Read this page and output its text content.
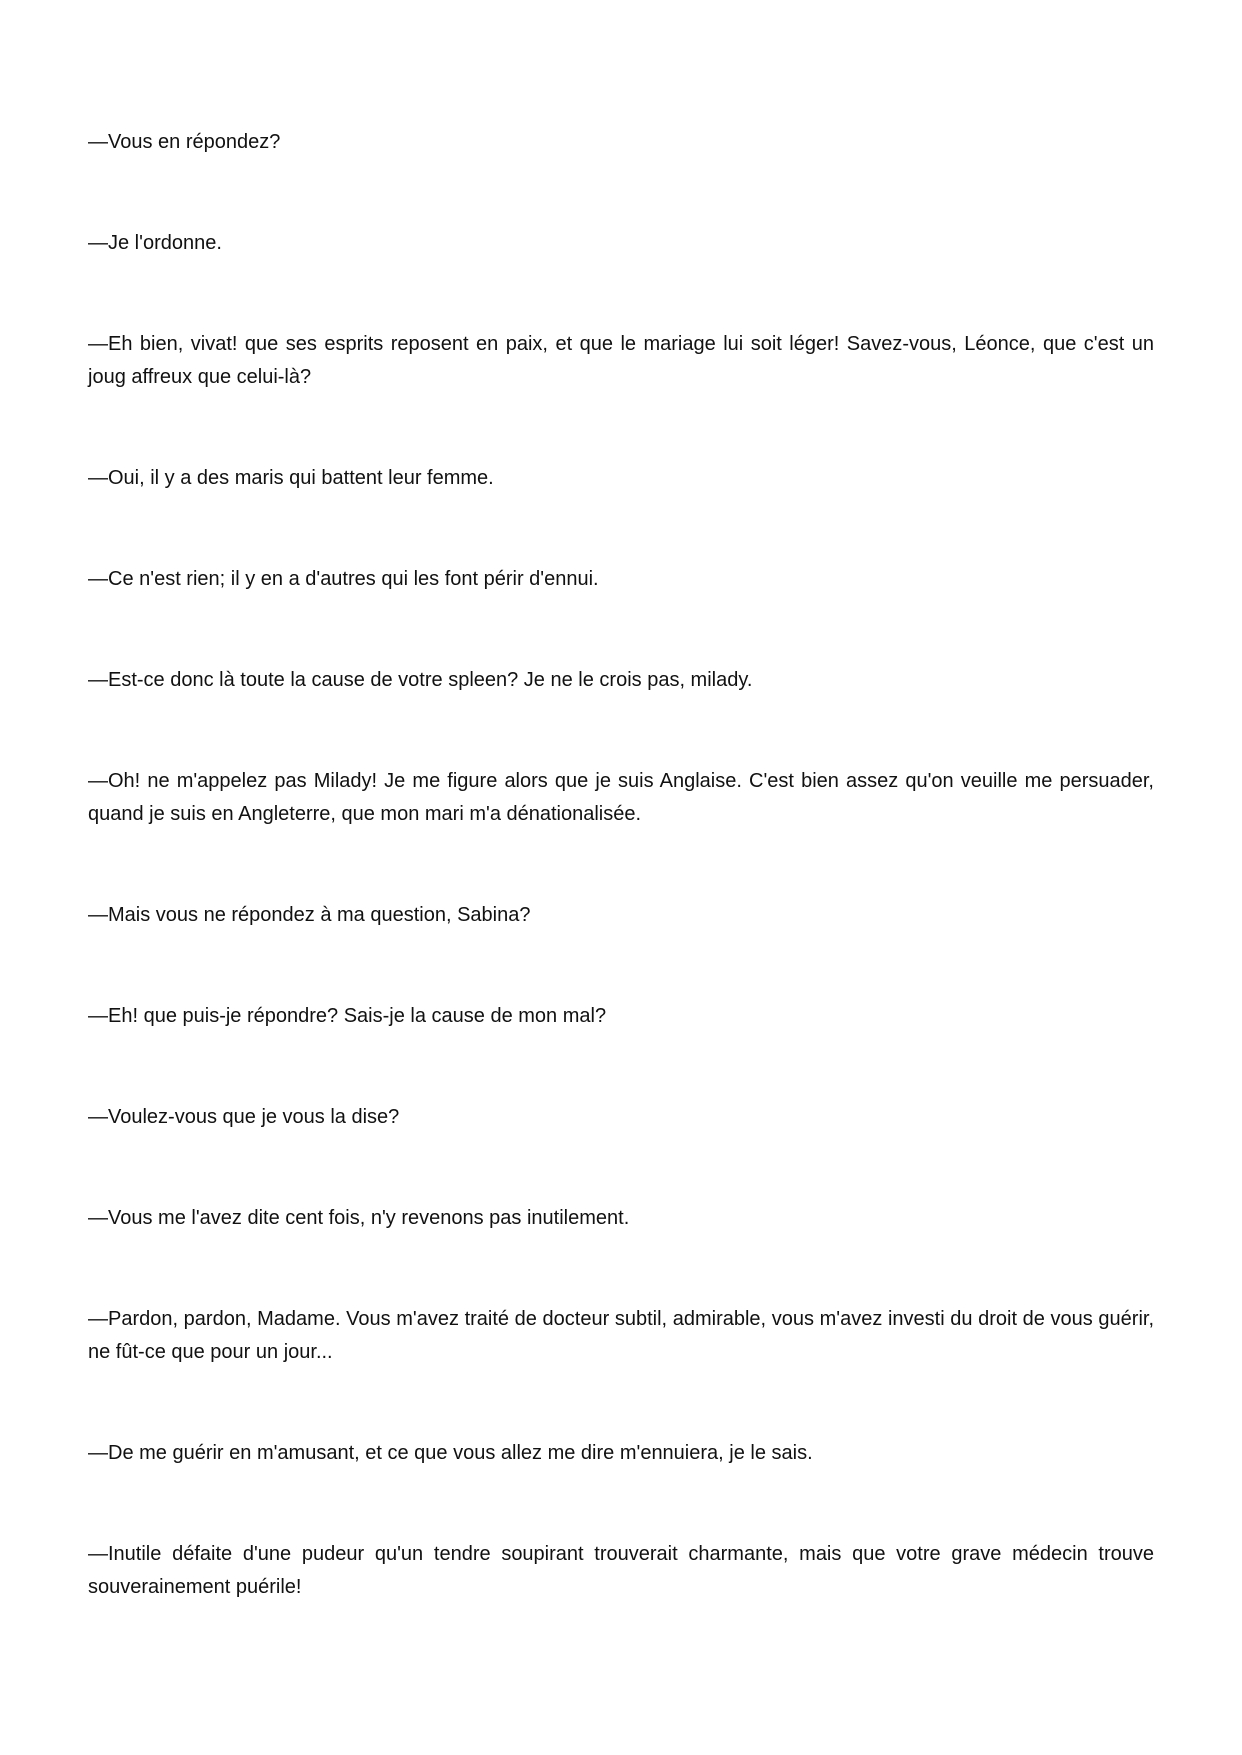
—Vous en répondez?

—Je l'ordonne.

—Eh bien, vivat! que ses esprits reposent en paix, et que le mariage lui soit léger! Savez-vous, Léonce, que c'est un joug affreux que celui-là?

—Oui, il y a des maris qui battent leur femme.

—Ce n'est rien; il y en a d'autres qui les font périr d'ennui.

—Est-ce donc là toute la cause de votre spleen? Je ne le crois pas, milady.

—Oh! ne m'appelez pas Milady! Je me figure alors que je suis Anglaise. C'est bien assez qu'on veuille me persuader, quand je suis en Angleterre, que mon mari m'a dénationalisée.

—Mais vous ne répondez à ma question, Sabina?

—Eh! que puis-je répondre? Sais-je la cause de mon mal?

—Voulez-vous que je vous la dise?

—Vous me l'avez dite cent fois, n'y revenons pas inutilement.

—Pardon, pardon, Madame. Vous m'avez traité de docteur subtil, admirable, vous m'avez investi du droit de vous guérir, ne fût-ce que pour un jour...

—De me guérir en m'amusant, et ce que vous allez me dire m'ennuiera, je le sais.

—Inutile défaite d'une pudeur qu'un tendre soupirant trouverait charmante, mais que votre grave médecin trouve souverainement puérile!
